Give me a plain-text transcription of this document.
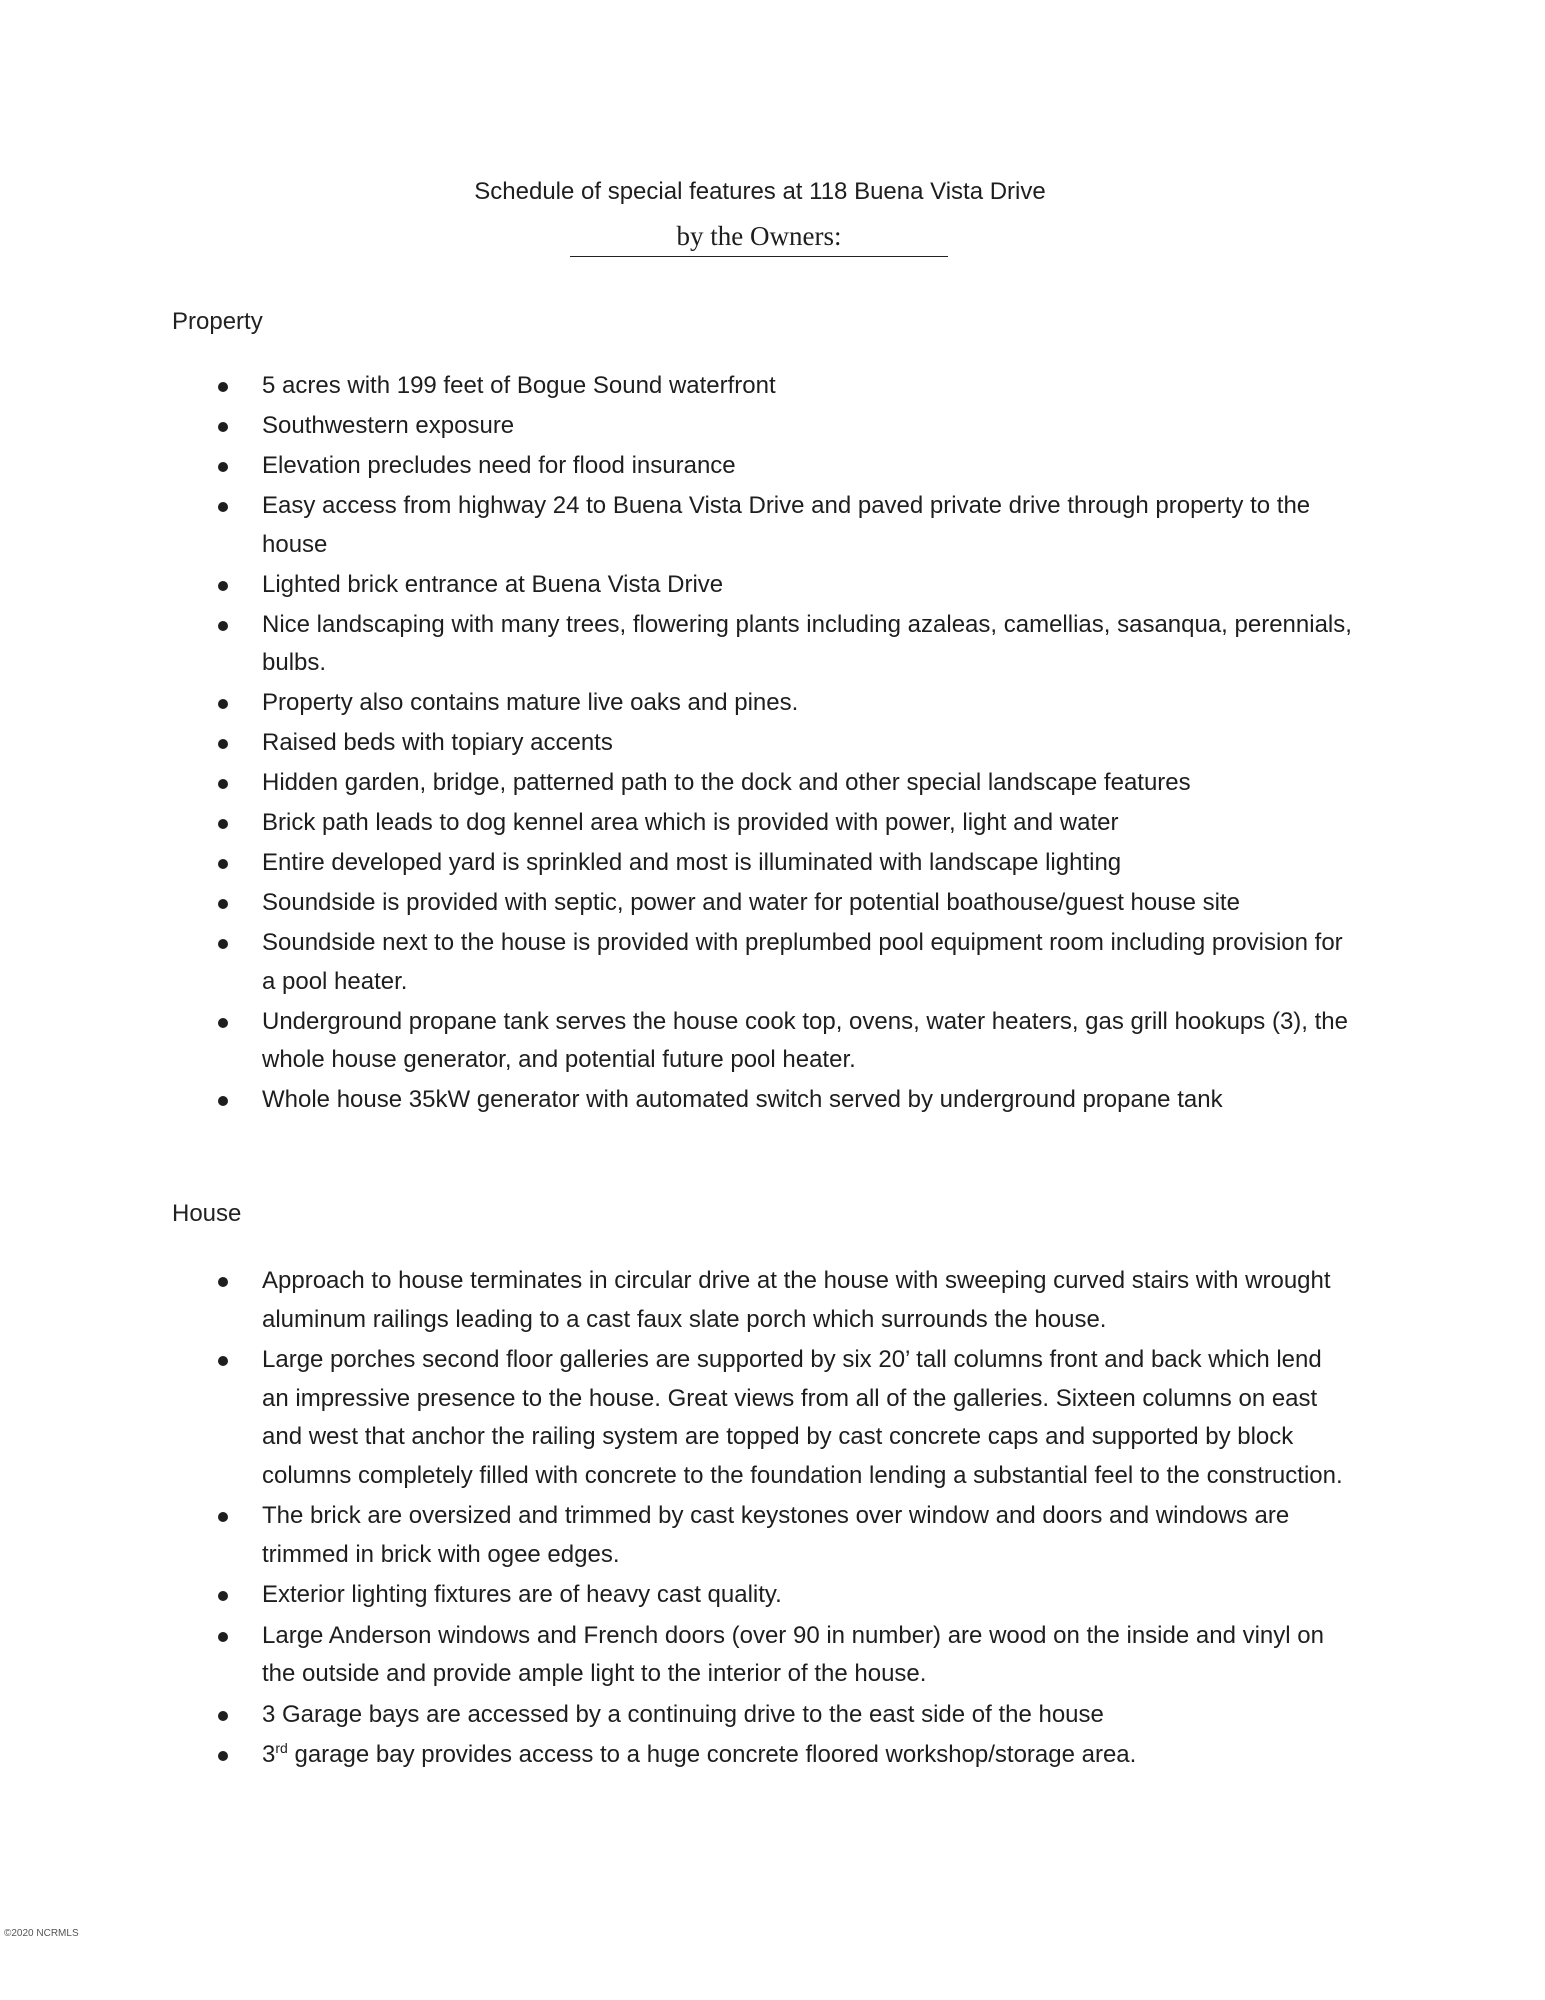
Schedule of special features at 118 Buena Vista Drive
by the Owners:
Property
5 acres with 199 feet of Bogue Sound waterfront
Southwestern exposure
Elevation precludes need for flood insurance
Easy access from highway 24 to Buena Vista Drive and paved private drive through property to the house
Lighted brick entrance at Buena Vista Drive
Nice landscaping with many trees, flowering plants including azaleas, camellias, sasanqua, perennials, bulbs.
Property also contains mature live oaks and pines.
Raised beds with topiary accents
Hidden garden, bridge, patterned path to the dock and other special landscape features
Brick path leads to dog kennel area which is provided with power, light and water
Entire developed yard is sprinkled and most is illuminated with landscape lighting
Soundside is provided with septic, power and water for potential boathouse/guest house site
Soundside next to the house is provided with preplumbed pool equipment room including provision for a pool heater.
Underground propane tank serves the house cook top, ovens, water heaters, gas grill hookups (3), the whole house generator, and potential future pool heater.
Whole house 35kW generator with automated switch served by underground propane tank
House
Approach to house terminates in circular drive at the house with sweeping curved stairs with wrought aluminum railings leading to a cast faux slate porch which surrounds the house.
Large porches second floor galleries are supported by six 20’ tall columns front and back which lend an impressive presence to the house. Great views from all of the galleries. Sixteen columns on east and west that anchor the railing system are topped by cast concrete caps and supported by block columns completely filled with concrete to the foundation lending a substantial feel to the construction.
The brick are oversized and trimmed by cast keystones over window and doors and windows are trimmed in brick with ogee edges.
Exterior lighting fixtures are of heavy cast quality.
Large Anderson windows and French doors (over 90 in number) are wood on the inside and vinyl on the outside and provide ample light to the interior of the house.
3 Garage bays are accessed by a continuing drive to the east side of the house
3rd garage bay provides access to a huge concrete floored workshop/storage area.
©2020 NCRMLS
